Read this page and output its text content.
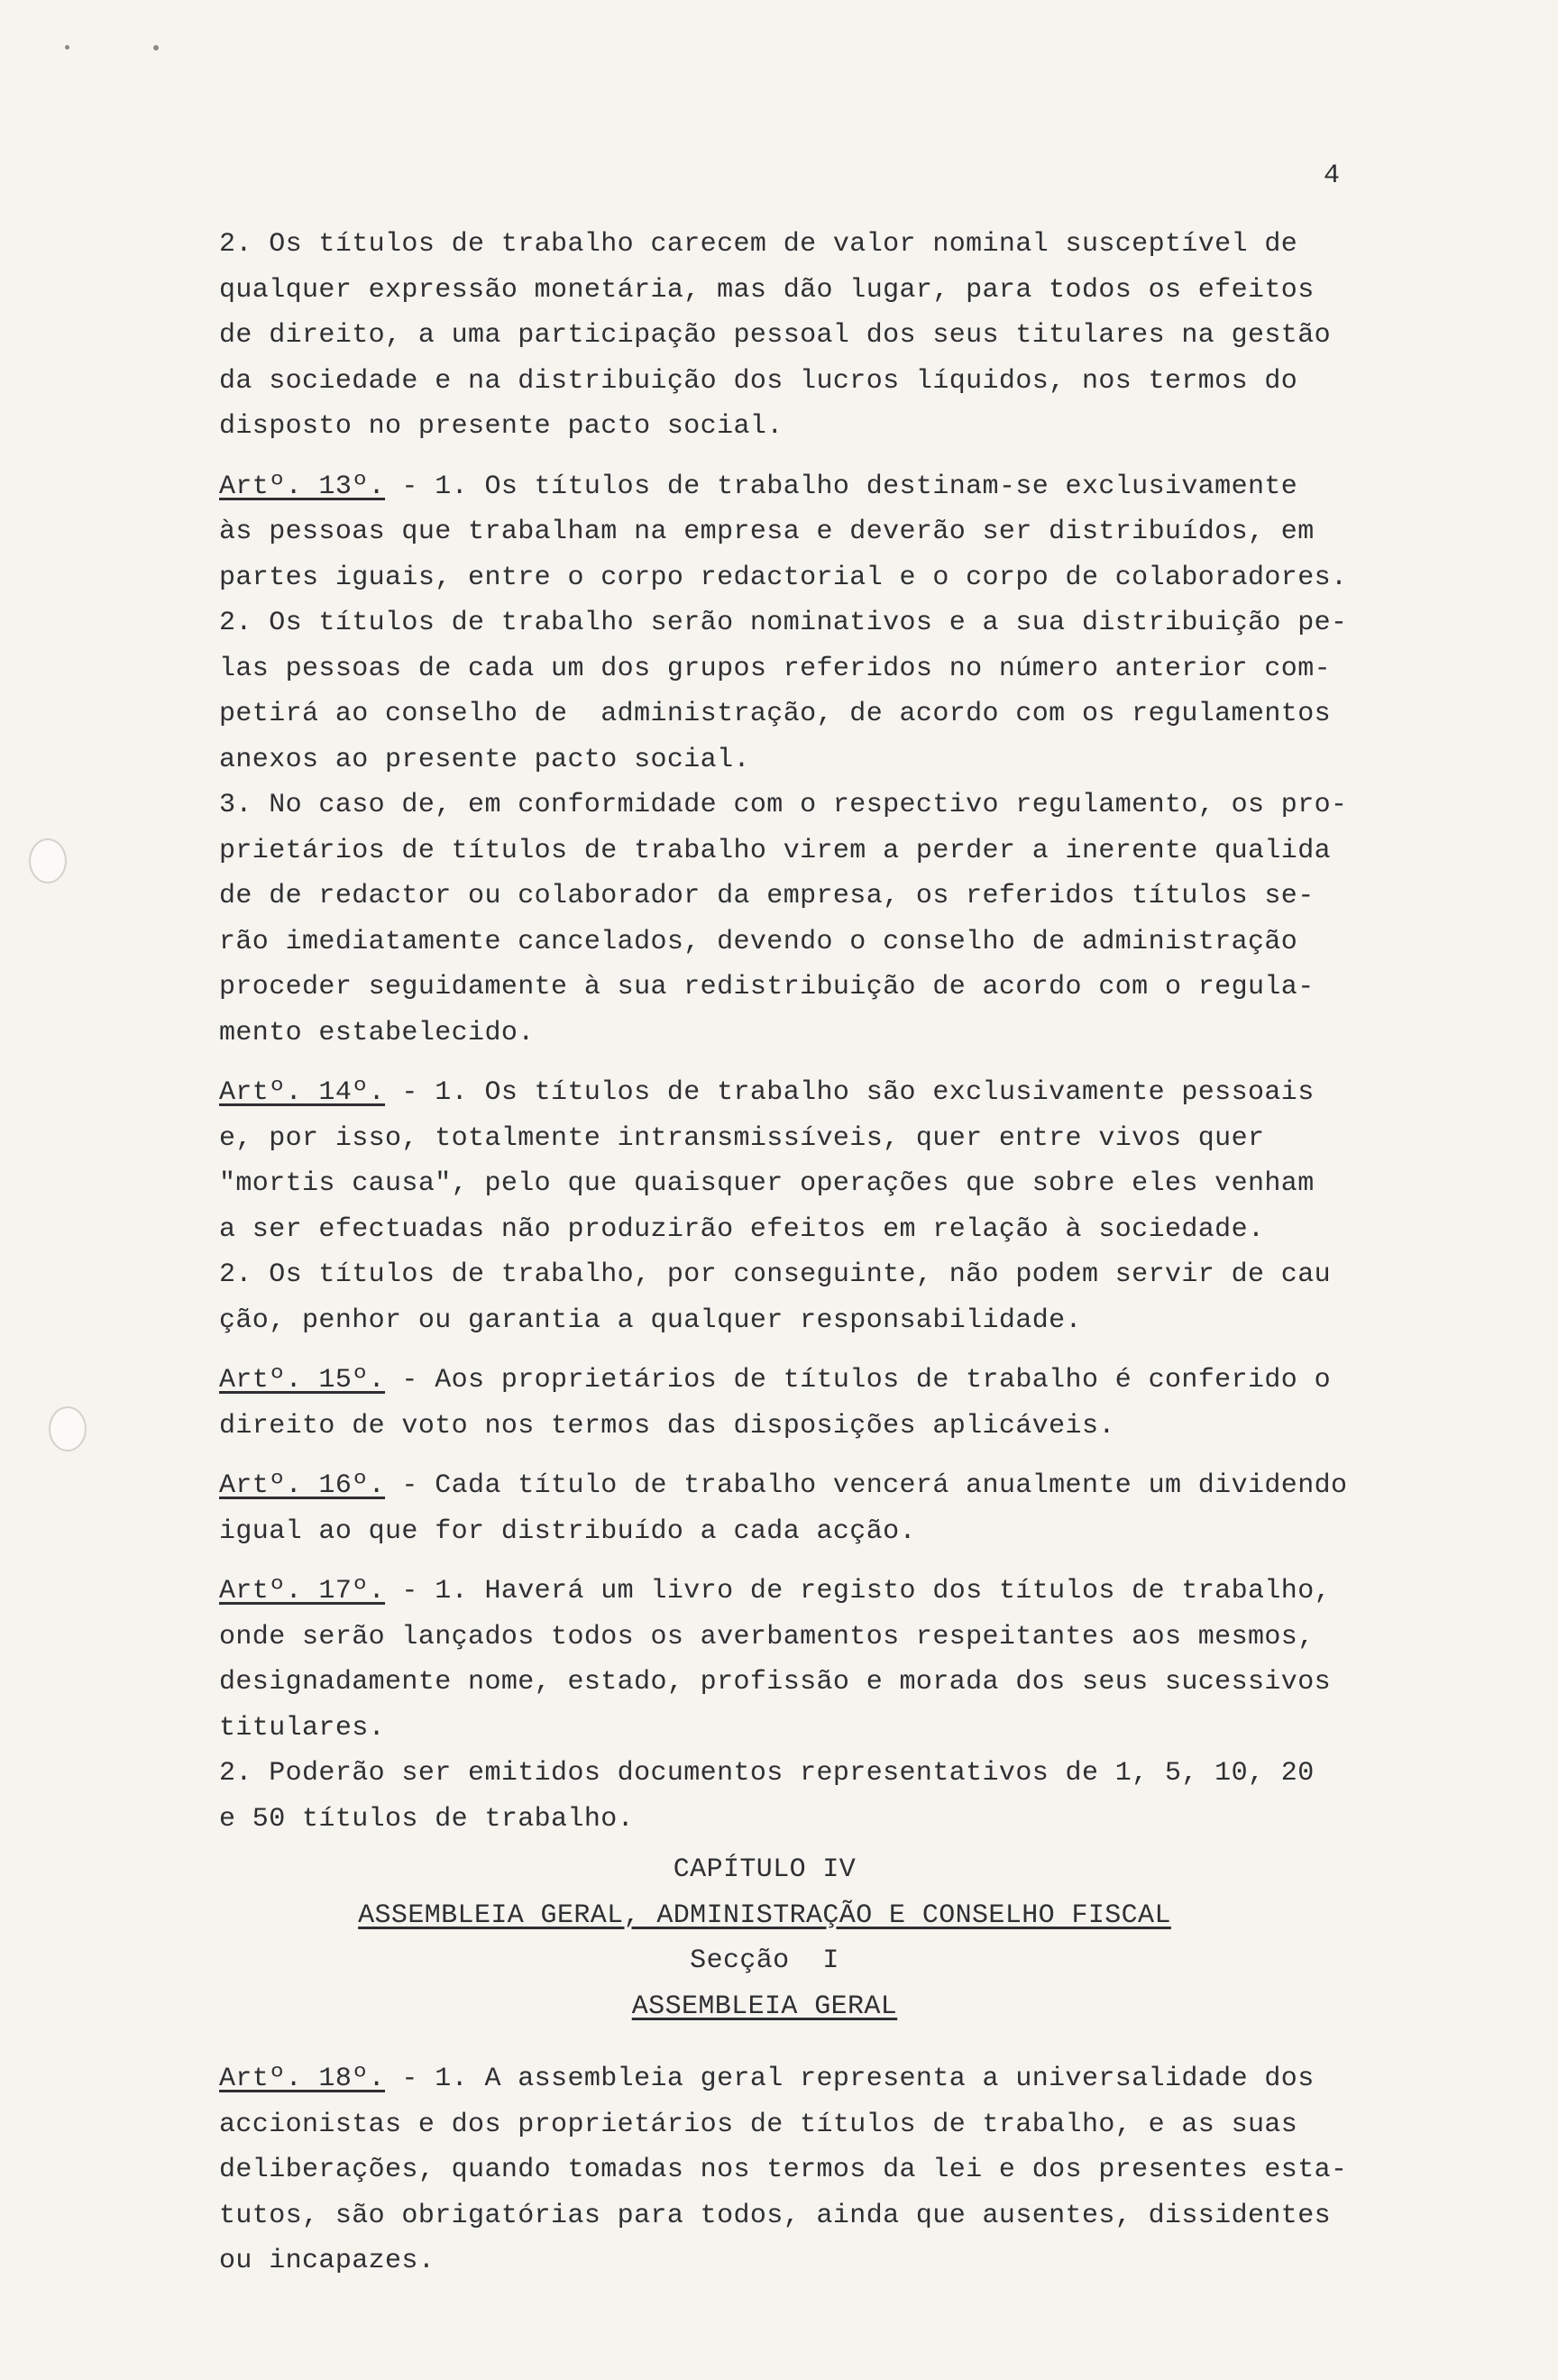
4
2. Os títulos de trabalho carecem de valor nominal susceptível de
qualquer expressão monetária, mas dão lugar, para todos os efeitos
de direito, a uma participação pessoal dos seus titulares na gestão
da sociedade e na distribuição dos lucros líquidos, nos termos do
disposto no presente pacto social.
Artº. 13º. - 1. Os títulos de trabalho destinam-se exclusivamente
às pessoas que trabalham na empresa e deverão ser distribuídos, em
partes iguais, entre o corpo redactorial e o corpo de colaboradores.
2. Os títulos de trabalho serão nominativos e a sua distribuição pe-
las pessoas de cada um dos grupos referidos no número anterior com-
petirá ao conselho de  administração, de acordo com os regulamentos
anexos ao presente pacto social.
3. No caso de, em conformidade com o respectivo regulamento, os pro-
prietários de títulos de trabalho virem a perder a inerente qualida
de de redactor ou colaborador da empresa, os referidos títulos se-
rão imediatamente cancelados, devendo o conselho de administração
proceder seguidamente à sua redistribuição de acordo com o regula-
mento estabelecido.
Artº. 14º. - 1. Os títulos de trabalho são exclusivamente pessoais
e, por isso, totalmente intransmissíveis, quer entre vivos quer
"mortis causa", pelo que quaisquer operações que sobre eles venham
a ser efectuadas não produzirão efeitos em relação à sociedade.
2. Os títulos de trabalho, por conseguinte, não podem servir de cau
ção, penhor ou garantia a qualquer responsabilidade.
Artº. 15º. - Aos proprietários de títulos de trabalho é conferido o
direito de voto nos termos das disposições aplicáveis.
Artº. 16º. - Cada título de trabalho vencerá anualmente um dividendo
igual ao que for distribuído a cada acção.
Artº. 17º. - 1. Haverá um livro de registo dos títulos de trabalho,
onde serão lançados todos os averbamentos respeitantes aos mesmos,
designadamente nome, estado, profissão e morada dos seus sucessivos
titulares.
2. Poderão ser emitidos documentos representativos de 1, 5, 10, 20
e 50 títulos de trabalho.
CAPÍTULO IV
ASSEMBLEIA GERAL, ADMINISTRAÇÃO E CONSELHO FISCAL
Secção  I
ASSEMBLEIA GERAL
Artº. 18º. - 1. A assembleia geral representa a universalidade dos
accionistas e dos proprietários de títulos de trabalho, e as suas
deliberações, quando tomadas nos termos da lei e dos presentes esta-
tutos, são obrigatórias para todos, ainda que ausentes, dissidentes
ou incapazes.
